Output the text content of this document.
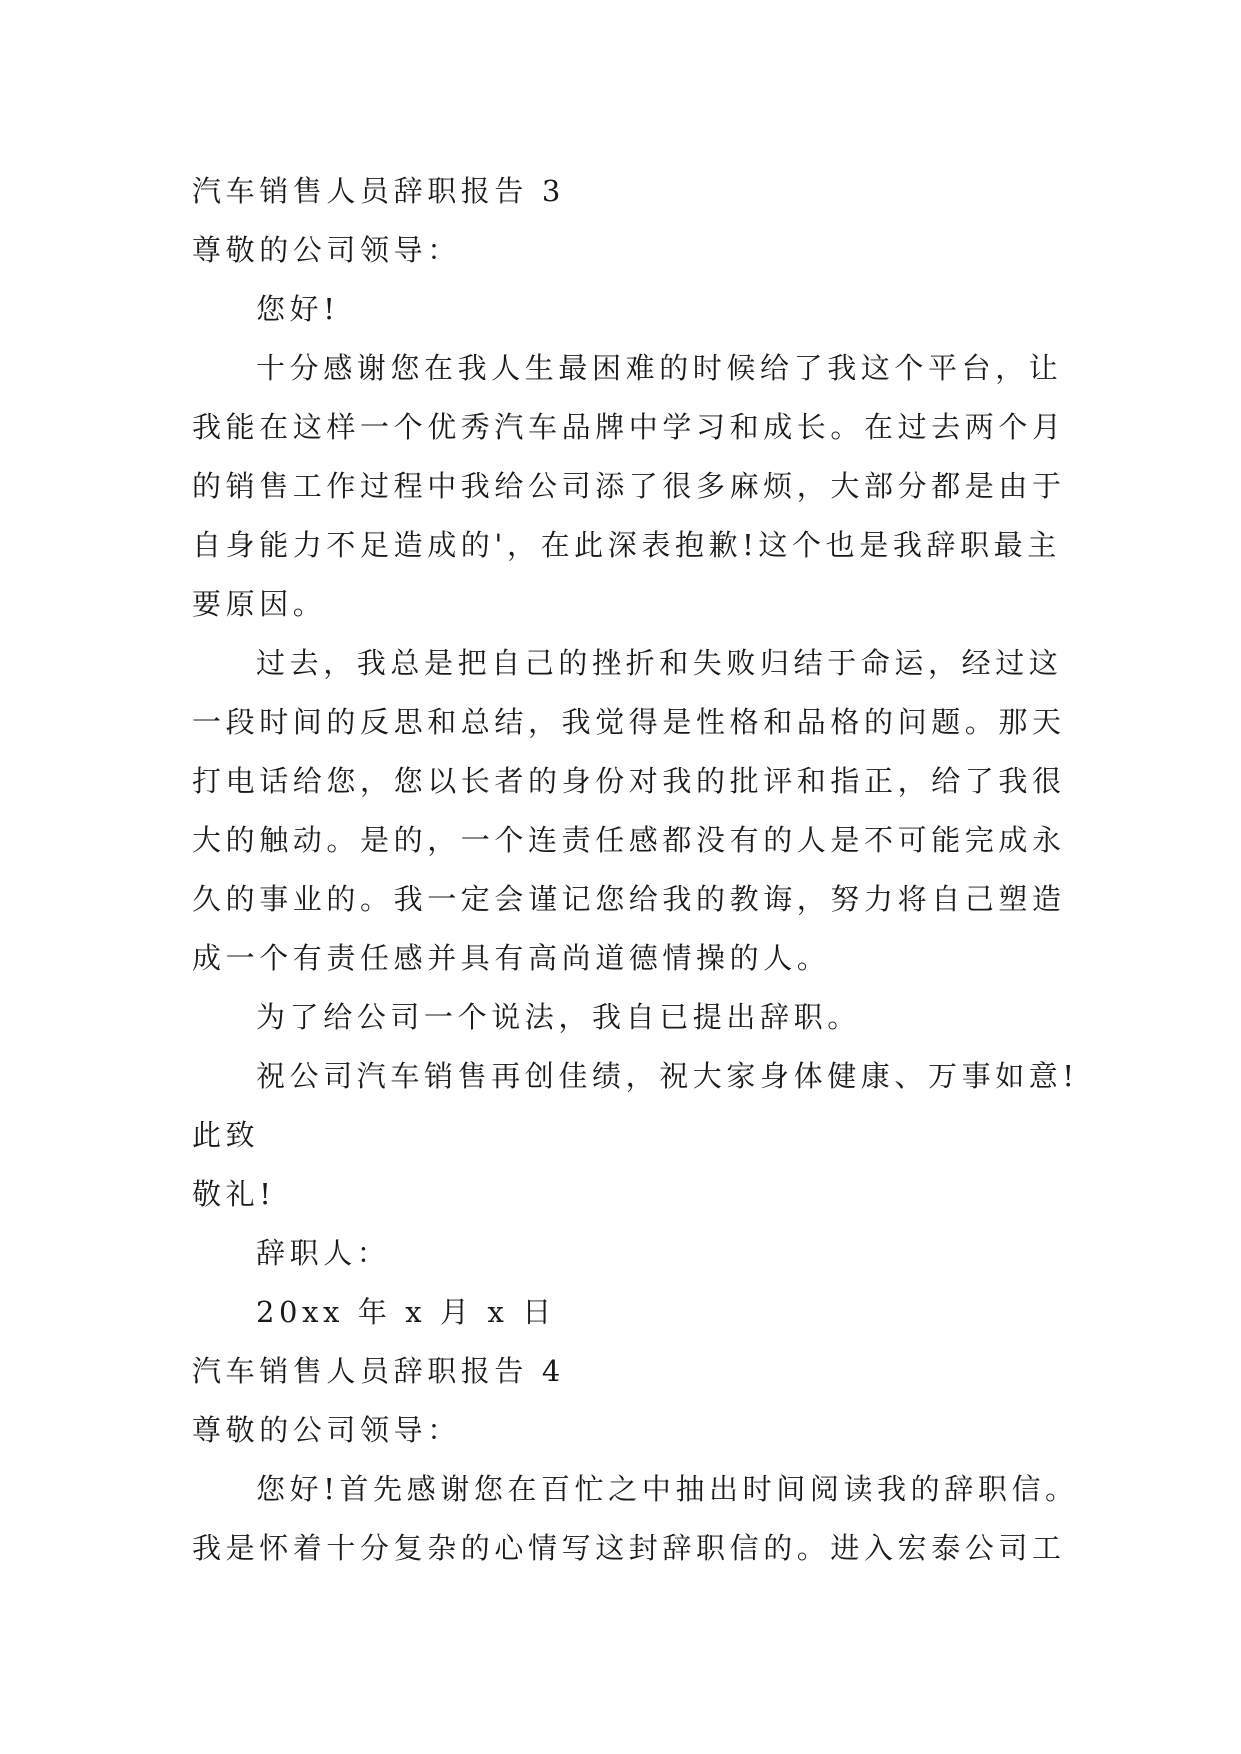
汽车销售人员辞职报告 3
尊敬的公司领导：
您好!
十分感谢您在我人生最困难的时候给了我这个平台，让
我能在这样一个优秀汽车品牌中学习和成长。在过去两个月
的销售工作过程中我给公司添了很多麻烦，大部分都是由于
自身能力不足造成的'，在此深表抱歉!这个也是我辞职最主
要原因。
过去，我总是把自己的挫折和失败归结于命运，经过这
一段时间的反思和总结，我觉得是性格和品格的问题。那天
打电话给您，您以长者的身份对我的批评和指正，给了我很
大的触动。是的，一个连责任感都没有的人是不可能完成永
久的事业的。我一定会谨记您给我的教诲，努力将自己塑造
成一个有责任感并具有高尚道德情操的人。
为了给公司一个说法，我自已提出辞职。
祝公司汽车销售再创佳绩，祝大家身体健康、万事如意!
此致
敬礼!
辞职人：
20xx 年 x 月 x 日
汽车销售人员辞职报告 4
尊敬的公司领导：
您好!首先感谢您在百忙之中抽出时间阅读我的辞职信。
我是怀着十分复杂的心情写这封辞职信的。进入宏泰公司工
